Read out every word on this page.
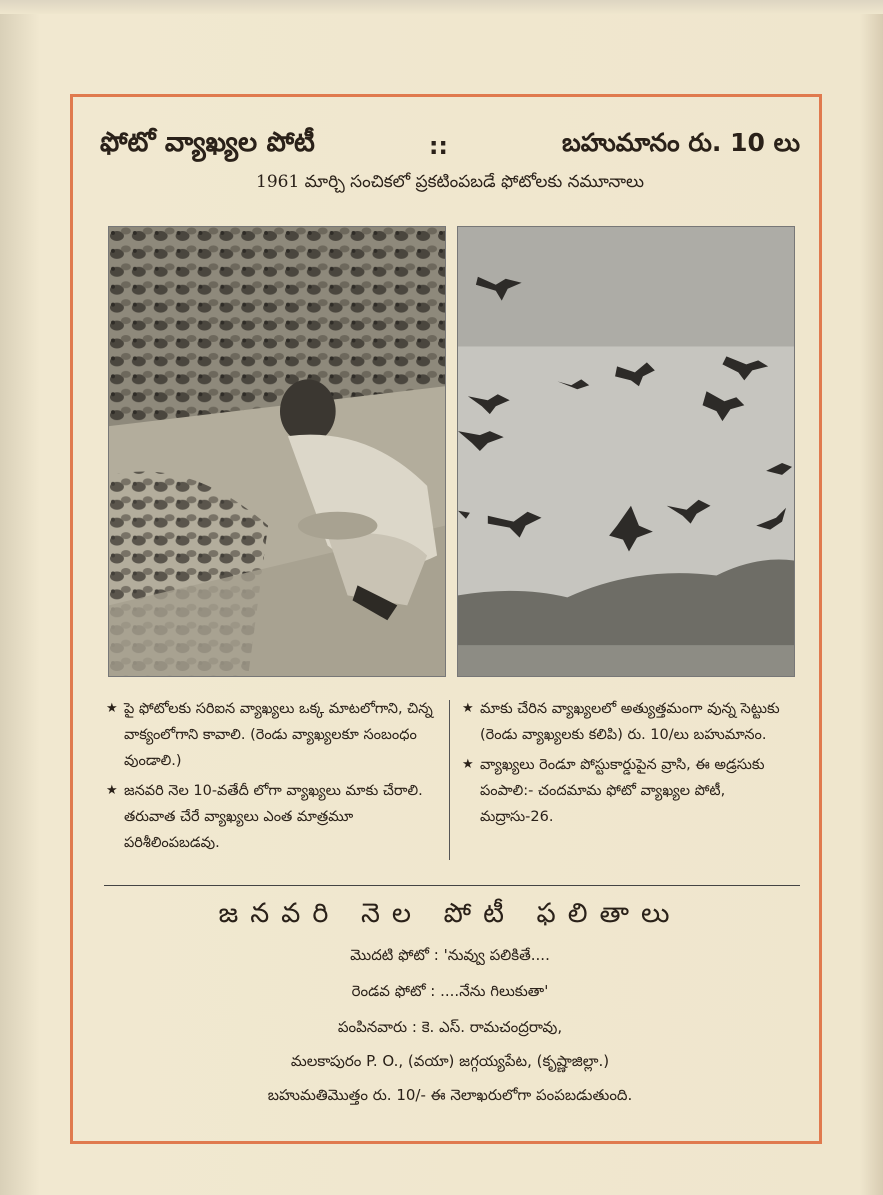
ఫోటో వ్యాఖ్యల పోటీ	::	బహుమానం రు. 10 లు
1961 మార్చి సంచికలో ప్రకటింపబడే ఫోటోలకు నమూనాలు
★ పై ఫోటోలకు సరిఐన వ్యాఖ్యలు ఒక్క మాటలోగాని, చిన్న వాక్యంలోగాని కావాలి. (రెండు వ్యాఖ్యలకూ సంబంధం వుండాలి.)
★ జనవరి నెల 10-వతేదీ లోగా వ్యాఖ్యలు మాకు చేరాలి. తరువాత చేరే వ్యాఖ్యలు ఎంత మాత్రమూ పరిశీలింపబడవు.
★ మాకు చేరిన వ్యాఖ్యలలో అత్యుత్తమంగా వున్న సెట్టుకు (రెండు వ్యాఖ్యలకు కలిపి) రు. 10/లు బహుమానం.
★ వ్యాఖ్యలు రెండూ పోస్టుకార్డుపైన వ్రాసి, ఈ అడ్రసుకు పంపాలి:- చందమామ ఫోటో వ్యాఖ్యల పోటీ, మద్రాసు-26.
జనవరి నెల పోటీ ఫలితాలు
మొదటి ఫోటో : 'నువ్వు పలికితే....
రెండవ ఫోటో : ....నేను గిలుకుతా'
పంపినవారు : కె. ఎస్. రామచంద్రరావు,
మలకాపురం P. O., (వయా) జగ్గయ్యపేట, (కృష్ణాజిల్లా.)
బహుమతిమొత్తం రు. 10/- ఈ నెలాఖరులోగా పంపబడుతుంది.
